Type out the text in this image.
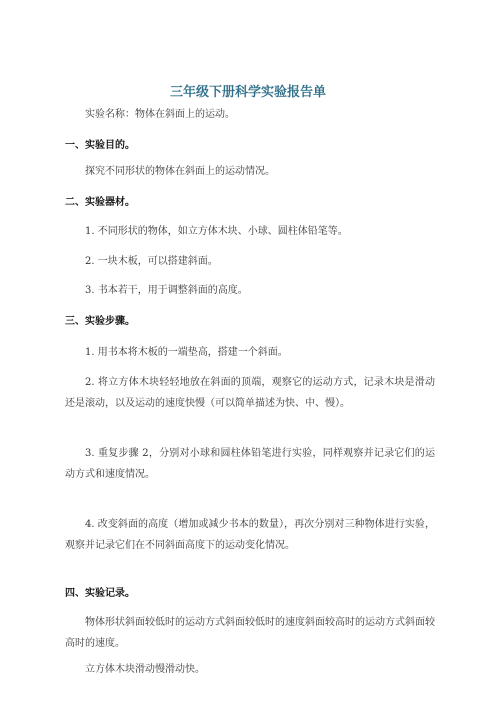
三年级下册科学实验报告单
实验名称：物体在斜面上的运动。
一、实验目的。
探究不同形状的物体在斜面上的运动情况。
二、实验器材。
1. 不同形状的物体，如立方体木块、小球、圆柱体铅笔等。
2. 一块木板，可以搭建斜面。
3. 书本若干，用于调整斜面的高度。
三、实验步骤。
1. 用书本将木板的一端垫高，搭建一个斜面。
2. 将立方体木块轻轻地放在斜面的顶端，观察它的运动方式，记录木块是滑动还是滚动，以及运动的速度快慢（可以简单描述为快、中、慢）。
3. 重复步骤 2，分别对小球和圆柱体铅笔进行实验，同样观察并记录它们的运动方式和速度情况。
4. 改变斜面的高度（增加或减少书本的数量），再次分别对三种物体进行实验，观察并记录它们在不同斜面高度下的运动变化情况。
四、实验记录。
物体形状斜面较低时的运动方式斜面较低时的速度斜面较高时的运动方式斜面较高时的速度。
立方体木块滑动慢滑动快。
